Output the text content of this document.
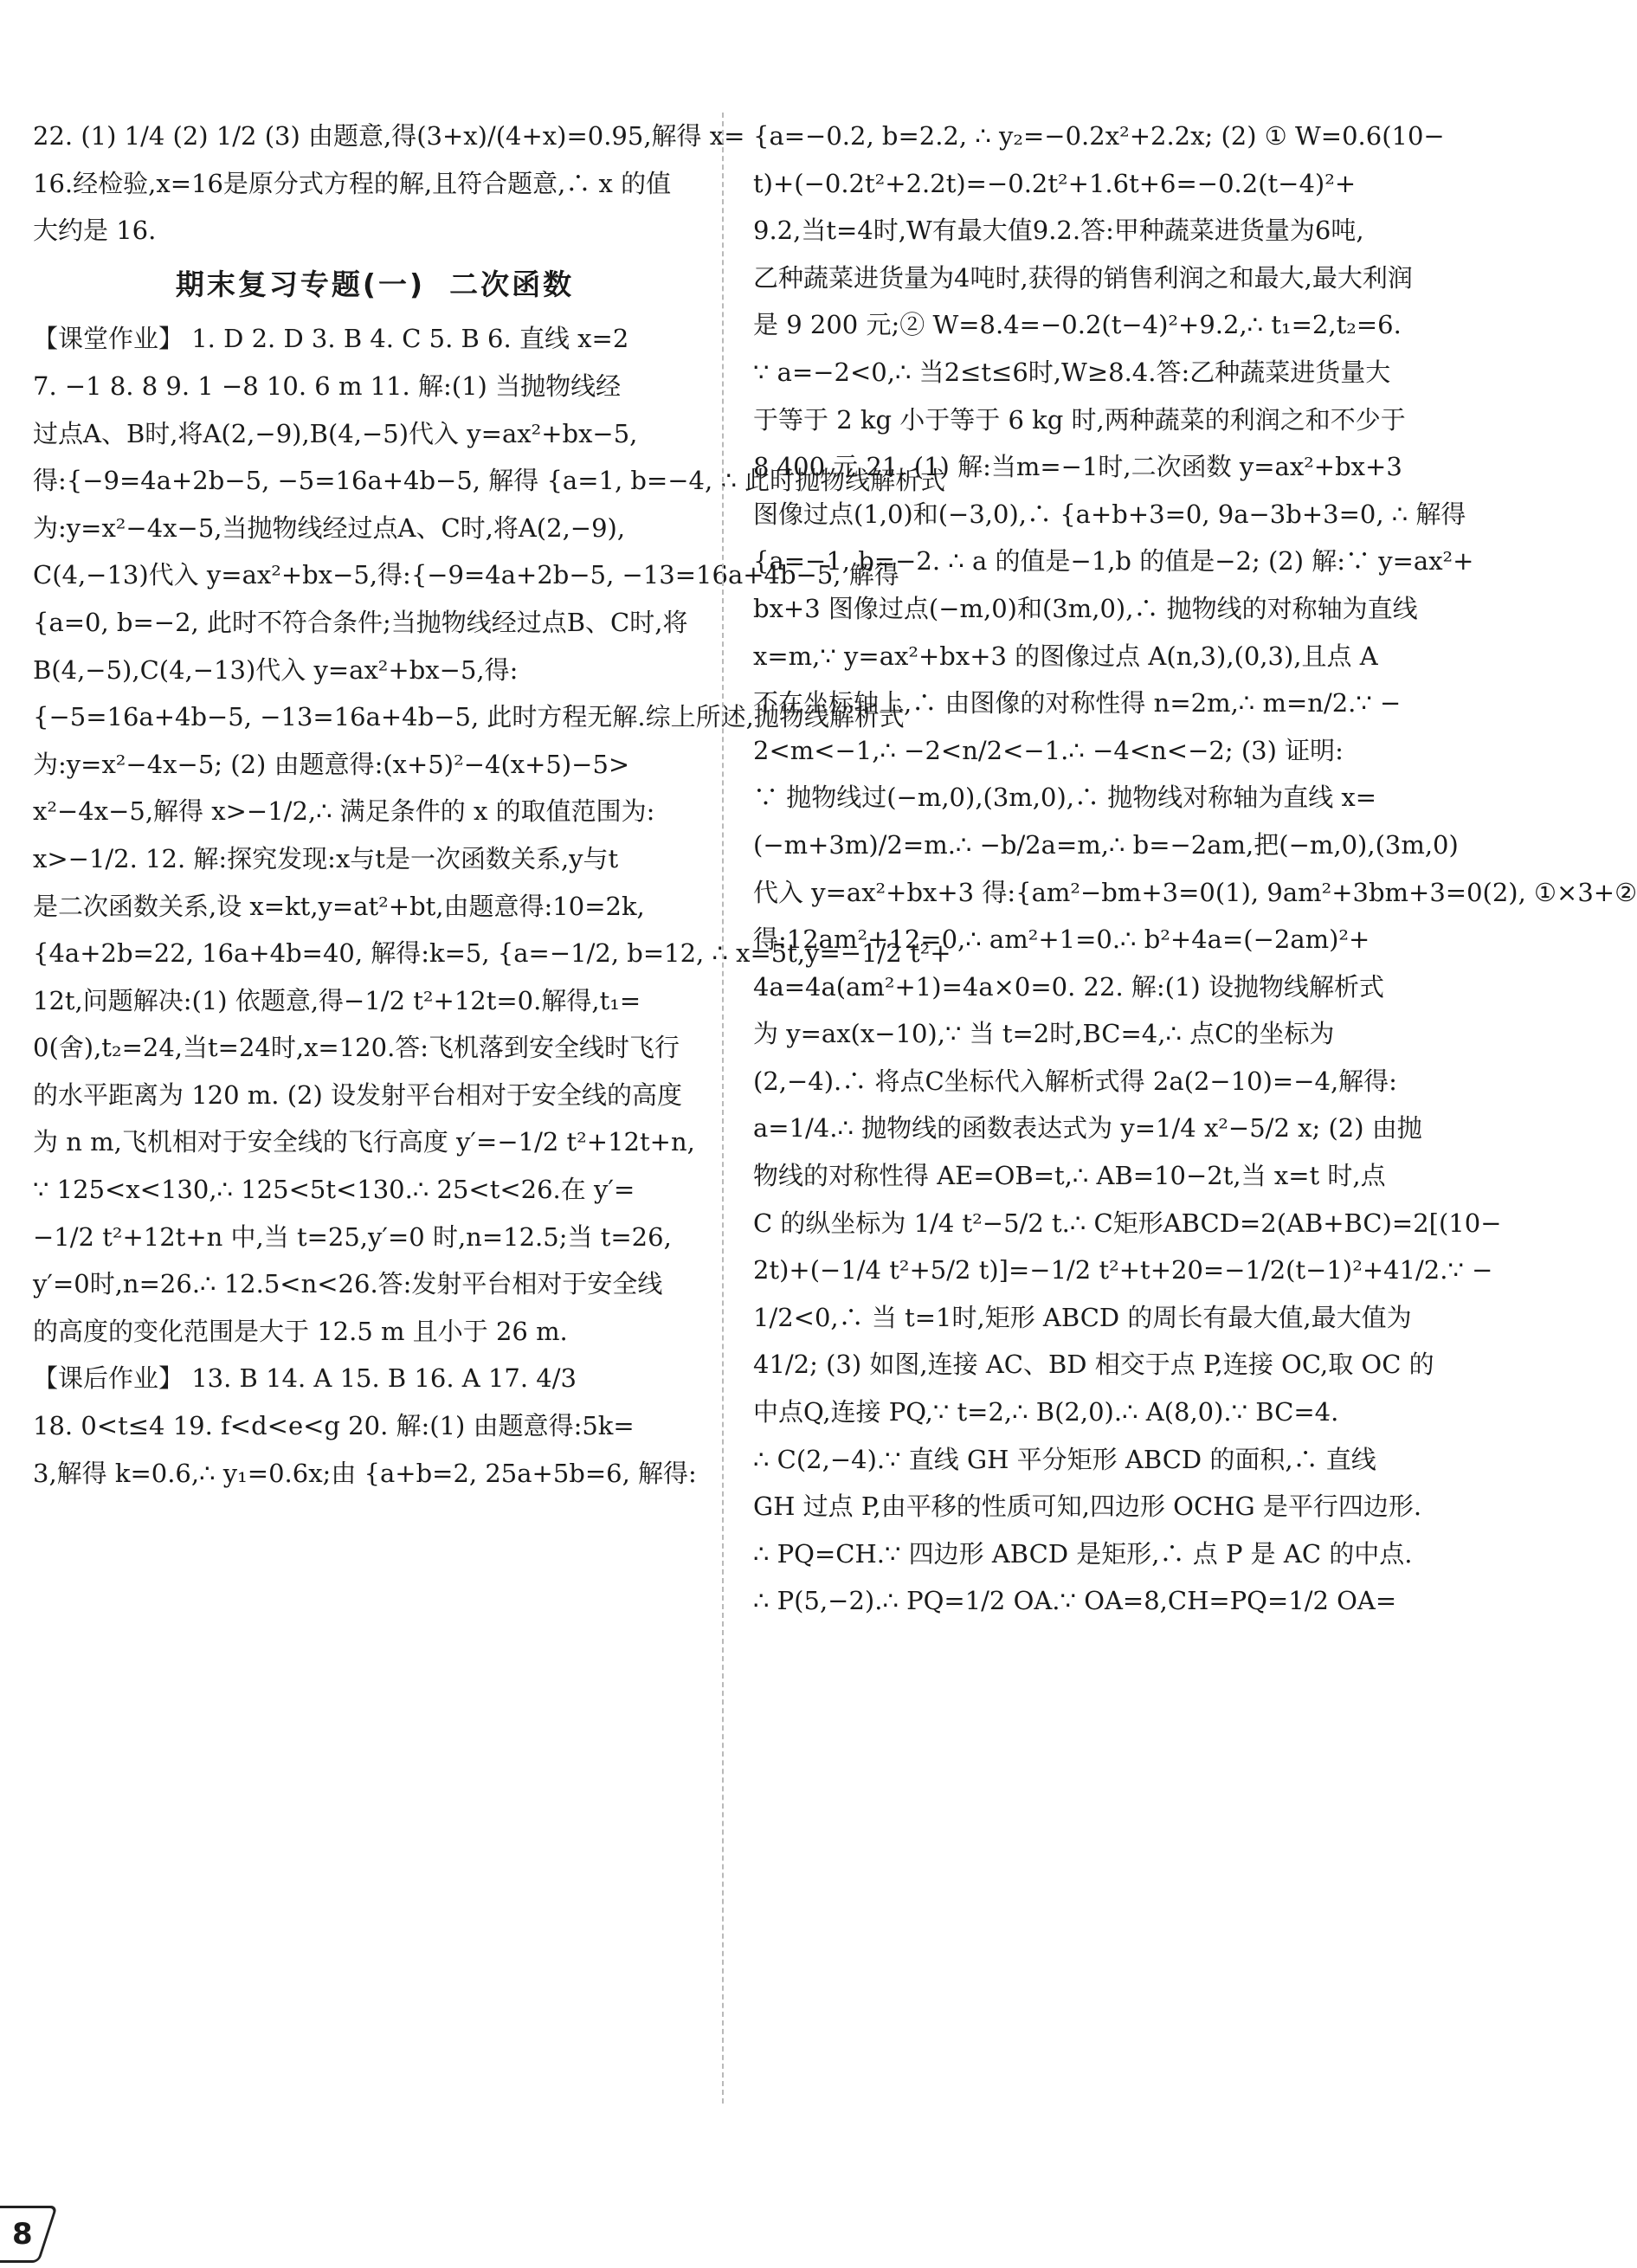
22. (1) 1/4 (2) 1/2 (3) 由题意,得(3+x)/(4+x)=0.95,解得 x=
16.经检验,x=16是原分式方程的解,且符合题意,∴ x 的值
大约是 16.
期末复习专题(一) 二次函数
【课堂作业】 1. D 2. D 3. B 4. C 5. B 6. 直线 x=2
7. −1 8. 8 9. 1 −8 10. 6 m 11. 解:(1) 当抛物线经
过点A、B时,将A(2,−9),B(4,−5)代入 y=ax²+bx−5,
得:{−9=4a+2b−5, −5=16a+4b−5, 解得 {a=1, b=−4, ∴ 此时抛物线解析式
为:y=x²−4x−5,当抛物线经过点A、C时,将A(2,−9),
C(4,−13)代入 y=ax²+bx−5,得:{−9=4a+2b−5, −13=16a+4b−5, 解得
{a=0, b=−2, 此时不符合条件;当抛物线经过点B、C时,将
B(4,−5),C(4,−13)代入 y=ax²+bx−5,得:
{−5=16a+4b−5, −13=16a+4b−5, 此时方程无解.综上所述,抛物线解析式
为:y=x²−4x−5; (2) 由题意得:(x+5)²−4(x+5)−5>
x²−4x−5,解得 x>−1/2,∴ 满足条件的 x 的取值范围为:
x>−1/2. 12. 解:探究发现:x与t是一次函数关系,y与t
是二次函数关系,设 x=kt,y=at²+bt,由题意得:10=2k,
{4a+2b=22, 16a+4b=40, 解得:k=5, {a=−1/2, b=12, ∴ x=5t,y=−1/2 t²+
12t,问题解决:(1) 依题意,得−1/2 t²+12t=0.解得,t₁=
0(舍),t₂=24,当t=24时,x=120.答:飞机落到安全线时飞行
的水平距离为 120 m. (2) 设发射平台相对于安全线的高度
为 n m,飞机相对于安全线的飞行高度 y′=−1/2 t²+12t+n,
∵ 125<x<130,∴ 125<5t<130.∴ 25<t<26.在 y′=
−1/2 t²+12t+n 中,当 t=25,y′=0 时,n=12.5;当 t=26,
y′=0时,n=26.∴ 12.5<n<26.答:发射平台相对于安全线
的高度的变化范围是大于 12.5 m 且小于 26 m.
【课后作业】 13. B 14. A 15. B 16. A 17. 4/3
18. 0<t≤4 19. f<d<e<g 20. 解:(1) 由题意得:5k=
3,解得 k=0.6,∴ y₁=0.6x;由 {a+b=2, 25a+5b=6, 解得:
{a=−0.2, b=2.2, ∴ y₂=−0.2x²+2.2x; (2) ① W=0.6(10−
t)+(−0.2t²+2.2t)=−0.2t²+1.6t+6=−0.2(t−4)²+
9.2,当t=4时,W有最大值9.2.答:甲种蔬菜进货量为6吨,
乙种蔬菜进货量为4吨时,获得的销售利润之和最大,最大利润
是 9 200 元;② W=8.4=−0.2(t−4)²+9.2,∴ t₁=2,t₂=6.
∵ a=−2<0,∴ 当2≤t≤6时,W≥8.4.答:乙种蔬菜进货量大
于等于 2 kg 小于等于 6 kg 时,两种蔬菜的利润之和不少于
8 400 元 21. (1) 解:当m=−1时,二次函数 y=ax²+bx+3
图像过点(1,0)和(−3,0),∴ {a+b+3=0, 9a−3b+3=0, ∴ 解得
{a=−1, b=−2. ∴ a 的值是−1,b 的值是−2; (2) 解:∵ y=ax²+
bx+3 图像过点(−m,0)和(3m,0),∴ 抛物线的对称轴为直线
x=m,∵ y=ax²+bx+3 的图像过点 A(n,3),(0,3),且点 A
不在坐标轴上,∴ 由图像的对称性得 n=2m,∴ m=n/2.∵ −
2<m<−1,∴ −2<n/2<−1.∴ −4<n<−2; (3) 证明:
∵ 抛物线过(−m,0),(3m,0),∴ 抛物线对称轴为直线 x=
(−m+3m)/2=m.∴ −b/2a=m,∴ b=−2am,把(−m,0),(3m,0)
代入 y=ax²+bx+3 得:{am²−bm+3=0(1), 9am²+3bm+3=0(2), ①×3+②
得:12am²+12=0,∴ am²+1=0.∴ b²+4a=(−2am)²+
4a=4a(am²+1)=4a×0=0. 22. 解:(1) 设抛物线解析式
为 y=ax(x−10),∵ 当 t=2时,BC=4,∴ 点C的坐标为
(2,−4).∴ 将点C坐标代入解析式得 2a(2−10)=−4,解得:
a=1/4.∴ 抛物线的函数表达式为 y=1/4 x²−5/2 x; (2) 由抛
物线的对称性得 AE=OB=t,∴ AB=10−2t,当 x=t 时,点
C 的纵坐标为 1/4 t²−5/2 t.∴ C矩形ABCD=2(AB+BC)=2[(10−
2t)+(−1/4 t²+5/2 t)]=−1/2 t²+t+20=−1/2(t−1)²+41/2.∵ −
1/2<0,∴ 当 t=1时,矩形 ABCD 的周长有最大值,最大值为
41/2; (3) 如图,连接 AC、BD 相交于点 P,连接 OC,取 OC 的
中点Q,连接 PQ,∵ t=2,∴ B(2,0).∴ A(8,0).∵ BC=4.
∴ C(2,−4).∵ 直线 GH 平分矩形 ABCD 的面积,∴ 直线
GH 过点 P,由平移的性质可知,四边形 OCHG 是平行四边形.
∴ PQ=CH.∵ 四边形 ABCD 是矩形,∴ 点 P 是 AC 的中点.
∴ P(5,−2).∴ PQ=1/2 OA.∵ OA=8,CH=PQ=1/2 OA=
8
